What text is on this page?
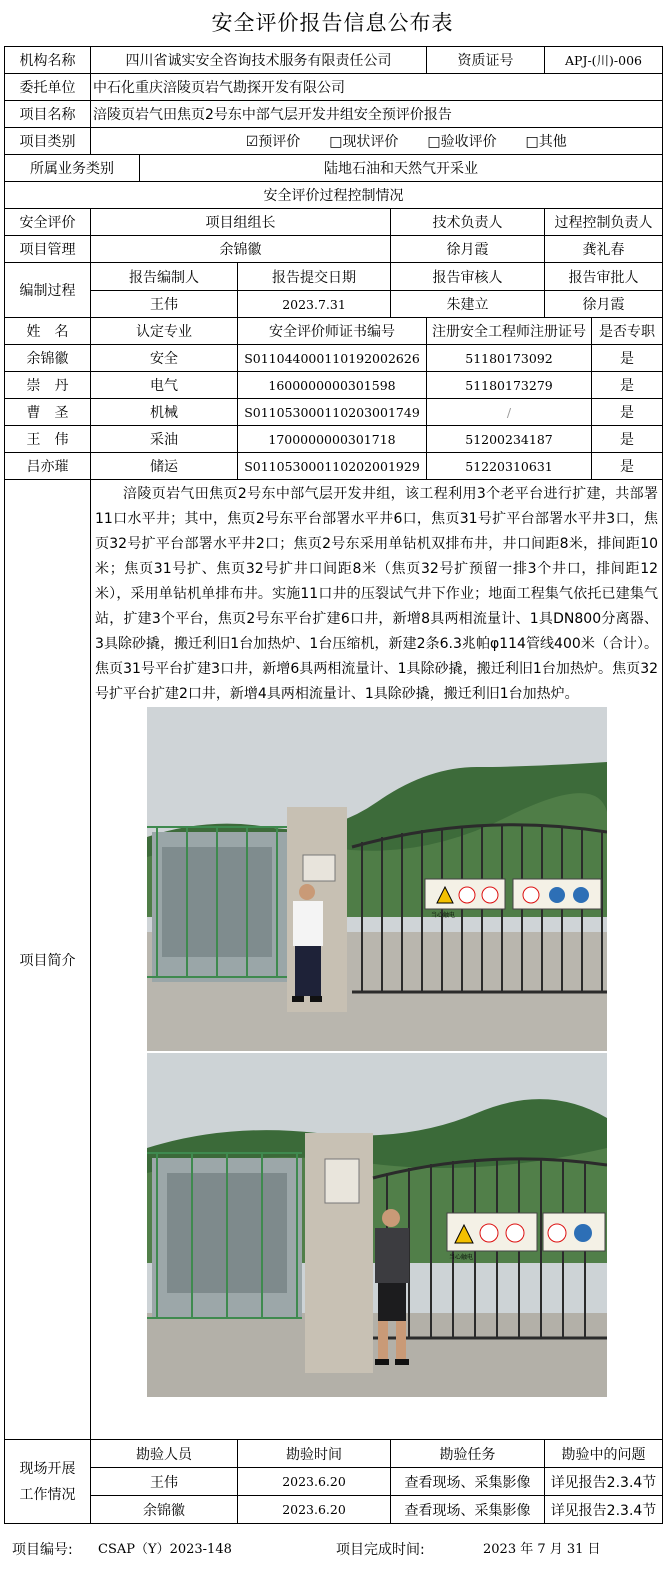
安全评价报告信息公布表
机构名称	四川省诚实安全咨询技术服务有限责任公司				资质证号	APJ-(川)-006	
委托单位	中石化重庆涪陵页岩气勘探开发有限公司						
项目名称	涪陵页岩气田焦页2号东中部气层开发井组安全预评价报告						
项目类别	☑预评价 □现状评价 □验收评价 □其他						
所属业务类别		陆地石油和天然气开采业					
安全评价过程控制情况							
安全评价	项目组组长			技术负责人		过程控制负责人	
项目管理	余锦徽			徐月霞		龚礼春	
编制过程	报告编制人		报告提交日期	报告审核人		报告审批人	
	王伟		2023.7.31	朱建立		徐月霞	
姓　名	认定专业		安全评价师证书编号		注册安全工程师注册证号		是否专职
余锦徽	安全		S011044000110192002626		51180173092		是
崇　丹	电气		1600000000301598		51180173279		是
曹　圣	机械		S011053000110203001749		/		是
王　伟	采油		1700000000301718		51200234187		是
吕亦璀	储运		S011053000110202001929		51220310631		是
项目简介	涪陵页岩气田焦页2号东中部气层开发井组，该工程利用3个老平台进行扩建，共部署11口水平井；其中，焦页2号东平台部署水平井6口，焦页31号扩平台部署水平井3口，焦页32号扩平台部署水平井2口；焦页2号东采用单钻机双排布井，井口间距8米，排间距10米；焦页31号扩、焦页32号扩井口间距8米（焦页32号扩预留一排3个井口，排间距12米），采用单钻机单排布井。实施11口井的压裂试气井下作业；地面工程集气依托已建集气站，扩建3个平台，焦页2号东平台扩建6口井，新增8具两相流量计、1具DN800分离器、3具除砂撬，搬迁利旧1台加热炉、1台压缩机，新建2条6.3兆帕φ114管线400米（合计）。焦页31号平台扩建3口井，新增6具两相流量计、1具除砂撬，搬迁利旧1台加热炉。焦页32号扩平台扩建2口井，新增4具两相流量计、1具除砂撬，搬迁利旧1台加热炉。
当心触电
当心触电						

现场开展
工作情况	勘验人员		勘验时间	勘验任务		勘验中的问题	
	王伟		2023.6.20	查看现场、采集影像		详见报告2.3.4节	
	余锦徽		2023.6.20	查看现场、采集影像		详见报告2.3.4节	
项目编号: CSAP（Y）2023-148	项目完成时间:	2023 年 7 月 31 日
